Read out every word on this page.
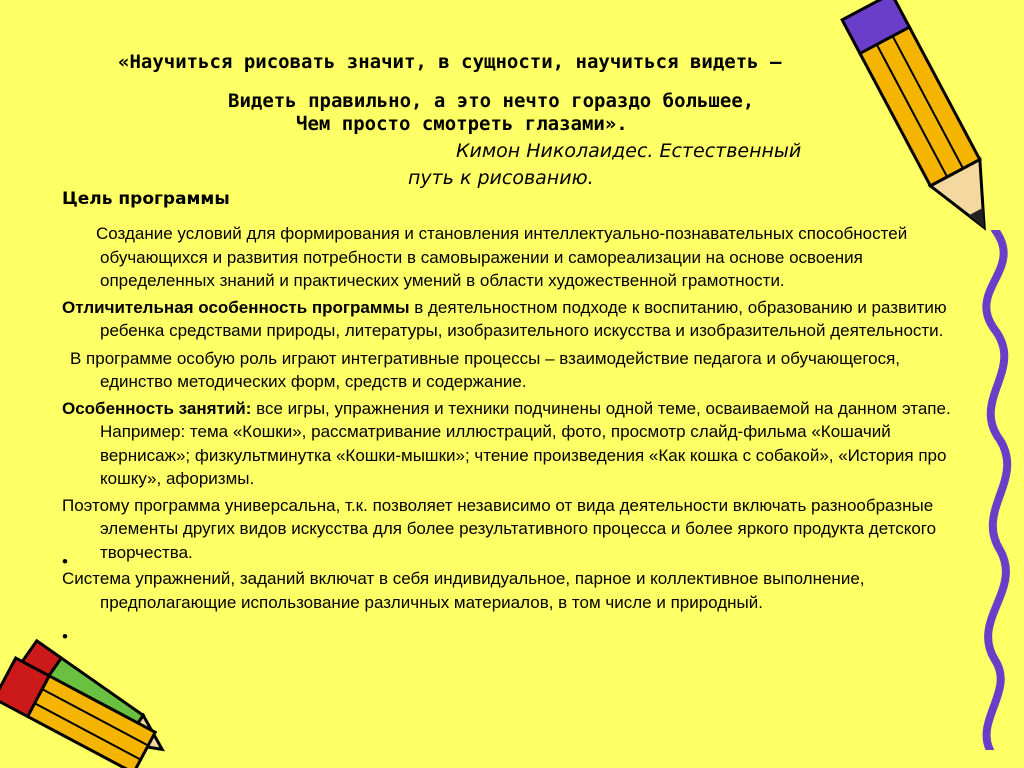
«Научиться рисовать значит, в сущности, научиться видеть –
Видеть правильно, а это нечто гораздо большее,
Чем просто смотреть глазами».
Кимон Николаидес. Естественный
путь к рисованию.
Цель программы

Создание условий для формирования и становления интеллектуально-познавательных способностей обучающихся и развития потребности в самовыражении и самореализации на основе освоения определенных знаний и практических умений в области художественной грамотности.

Отличительная особенность программы в деятельностном подходе к воспитанию, образованию и развитию ребенка средствами природы, литературы, изобразительного искусства и изобразительной деятельности.

В программе особую роль играют интегративные процессы – взаимодействие педагога и обучающегося, единство методических форм, средств и содержание.

Особенность занятий: все игры, упражнения и техники подчинены одной теме, осваиваемой на данном этапе. Например: тема «Кошки», рассматривание иллюстраций, фото, просмотр слайд-фильма «Кошачий вернисаж»; физкультминутка «Кошки-мышки»; чтение произведения «Как кошка с собакой», «История про кошку», афоризмы.

Поэтому программа универсальна, т.к. позволяет независимо от вида деятельности включать разнообразные элементы других видов искусства для более результативного процесса и более яркого продукта детского творчества.

Система упражнений, заданий включат в себя индивидуальное, парное и коллективное выполнение, предполагающие использование различных материалов, в том числе и природный.

•
•
